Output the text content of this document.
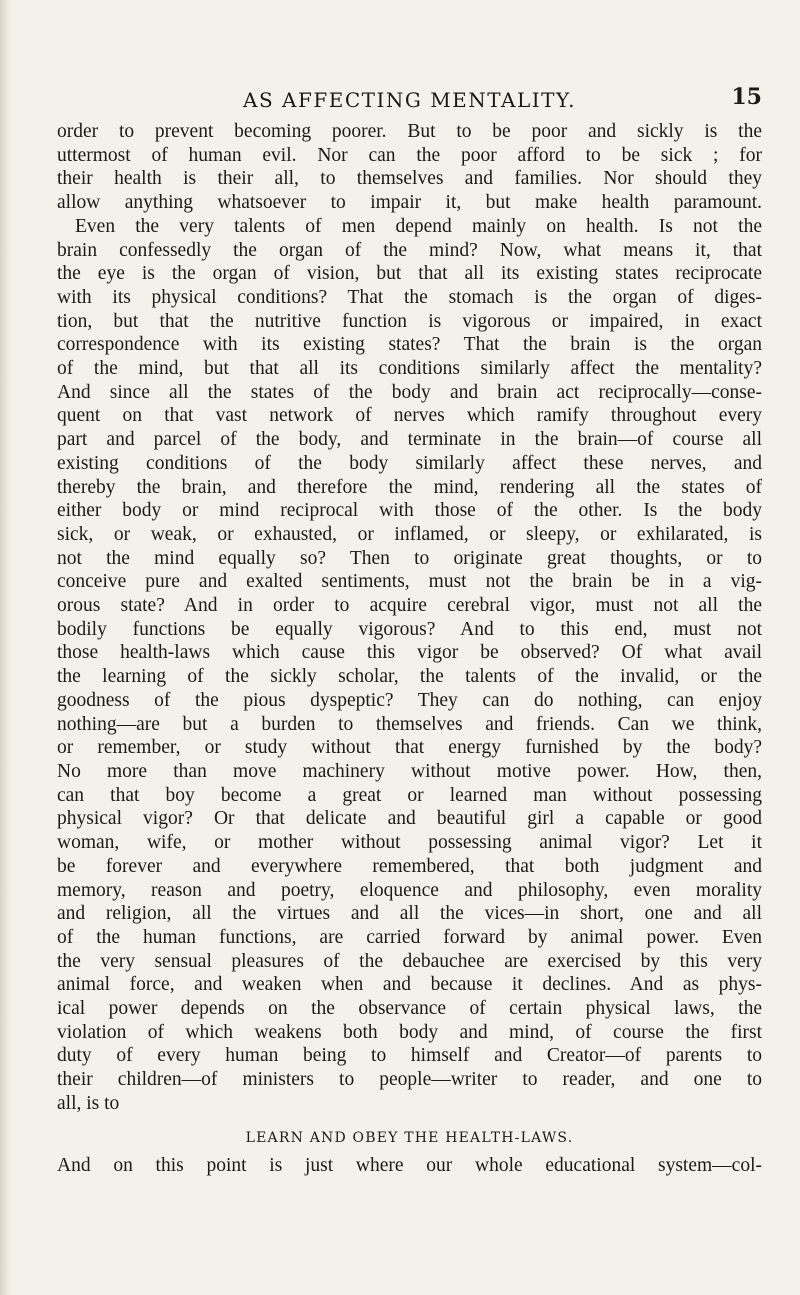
AS AFFECTING MENTALITY.	15
order to prevent becoming poorer. But to be poor and sickly is the
uttermost of human evil. Nor can the poor afford to be sick ; for
their health is their all, to themselves and families. Nor should they
allow anything whatsoever to impair it, but make health paramount.
Even the very talents of men depend mainly on health. Is not the
brain confessedly the organ of the mind? Now, what means it, that
the eye is the organ of vision, but that all its existing states reciprocate
with its physical conditions? That the stomach is the organ of diges-
tion, but that the nutritive function is vigorous or impaired, in exact
correspondence with its existing states? That the brain is the organ
of the mind, but that all its conditions similarly affect the mentality?
And since all the states of the body and brain act reciprocally—conse-
quent on that vast network of nerves which ramify throughout every
part and parcel of the body, and terminate in the brain—of course all
existing conditions of the body similarly affect these nerves, and
thereby the brain, and therefore the mind, rendering all the states of
either body or mind reciprocal with those of the other. Is the body
sick, or weak, or exhausted, or inflamed, or sleepy, or exhilarated, is
not the mind equally so? Then to originate great thoughts, or to
conceive pure and exalted sentiments, must not the brain be in a vig-
orous state? And in order to acquire cerebral vigor, must not all the
bodily functions be equally vigorous? And to this end, must not
those health-laws which cause this vigor be observed? Of what avail
the learning of the sickly scholar, the talents of the invalid, or the
goodness of the pious dyspeptic? They can do nothing, can enjoy
nothing—are but a burden to themselves and friends. Can we think,
or remember, or study without that energy furnished by the body?
No more than move machinery without motive power. How, then,
can that boy become a great or learned man without possessing
physical vigor? Or that delicate and beautiful girl a capable or good
woman, wife, or mother without possessing animal vigor? Let it
be forever and everywhere remembered, that both judgment and
memory, reason and poetry, eloquence and philosophy, even morality
and religion, all the virtues and all the vices—in short, one and all
of the human functions, are carried forward by animal power. Even
the very sensual pleasures of the debauchee are exercised by this very
animal force, and weaken when and because it declines. And as phys-
ical power depends on the observance of certain physical laws, the
violation of which weakens both body and mind, of course the first
duty of every human being to himself and Creator—of parents to
their children—of ministers to people—writer to reader, and one to
all, is to
LEARN AND OBEY THE HEALTH-LAWS.
And on this point is just where our whole educational system—col-
